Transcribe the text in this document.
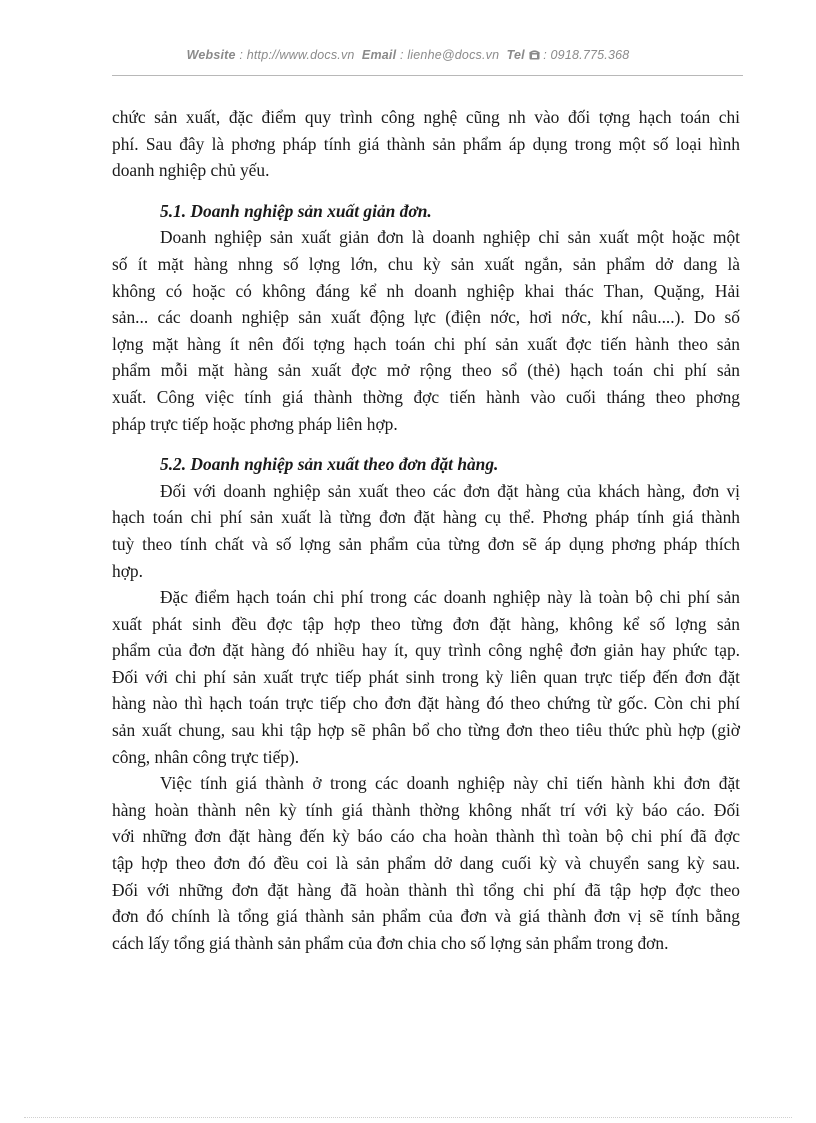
Website : http://www.docs.vn Email : lienhe@docs.vn Tel : 0918.775.368
chức sản xuất, đặc điểm quy trình công nghệ cũng nh vào đối tợng hạch toán chi
phí. Sau đây là phơng pháp tính giá thành sản phẩm áp dụng trong một số loại hình
doanh nghiệp chủ yếu.
5.1. Doanh nghiệp sản xuất giản đơn.
Doanh nghiệp sản xuất giản đơn là doanh nghiệp chỉ sản xuất một hoặc một
số ít mặt hàng nhng số lợng lớn, chu kỳ sản xuất ngắn, sản phẩm dở dang là
không có hoặc có không đáng kể nh doanh nghiệp khai thác Than, Quặng, Hải
sản... các doanh nghiệp sản xuất động lực (điện nớc, hơi nớc, khí nâu....). Do số
lợng mặt hàng ít nên đối tợng hạch toán chi phí sản xuất đợc tiến hành theo sản
phẩm mỗi mặt hàng sản xuất đợc mở rộng theo sổ (thẻ) hạch toán chi phí sản
xuất. Công việc tính giá thành thờng đợc tiến hành vào cuối tháng theo phơng
pháp trực tiếp hoặc phơng pháp liên hợp.
5.2. Doanh nghiệp sản xuất theo đơn đặt hàng.
Đối với doanh nghiệp sản xuất theo các đơn đặt hàng của khách hàng, đơn vị
hạch toán chi phí sản xuất là từng đơn đặt hàng cụ thể. Phơng pháp tính giá thành
tuỳ theo tính chất và số lợng sản phẩm của từng đơn sẽ áp dụng phơng pháp thích
hợp.
Đặc điểm hạch toán chi phí trong các doanh nghiệp này là toàn bộ chi phí sản
xuất phát sinh đều đợc tập hợp theo từng đơn đặt hàng, không kể số lợng sản
phẩm của đơn đặt hàng đó nhiều hay ít, quy trình công nghệ đơn giản hay phức tạp.
Đối với chi phí sản xuất trực tiếp phát sinh trong kỳ liên quan trực tiếp đến đơn đặt
hàng nào thì hạch toán trực tiếp cho đơn đặt hàng đó theo chứng từ gốc. Còn chi phí
sản xuất chung, sau khi tập hợp sẽ phân bổ cho từng đơn theo tiêu thức phù hợp (giờ
công, nhân công trực tiếp).
Việc tính giá thành ở trong các doanh nghiệp này chỉ tiến hành khi đơn đặt
hàng hoàn thành nên kỳ tính giá thành thờng không nhất trí với kỳ báo cáo. Đối
với những đơn đặt hàng đến kỳ báo cáo cha hoàn thành thì toàn bộ chi phí đã đợc
tập hợp theo đơn đó đều coi là sản phẩm dở dang cuối kỳ và chuyển sang kỳ sau.
Đối với những đơn đặt hàng đã hoàn thành thì tổng chi phí đã tập hợp đợc theo
đơn đó chính là tổng giá thành sản phẩm của đơn và giá thành đơn vị sẽ tính bằng
cách lấy tổng giá thành sản phẩm của đơn chia cho số lợng sản phẩm trong đơn.
